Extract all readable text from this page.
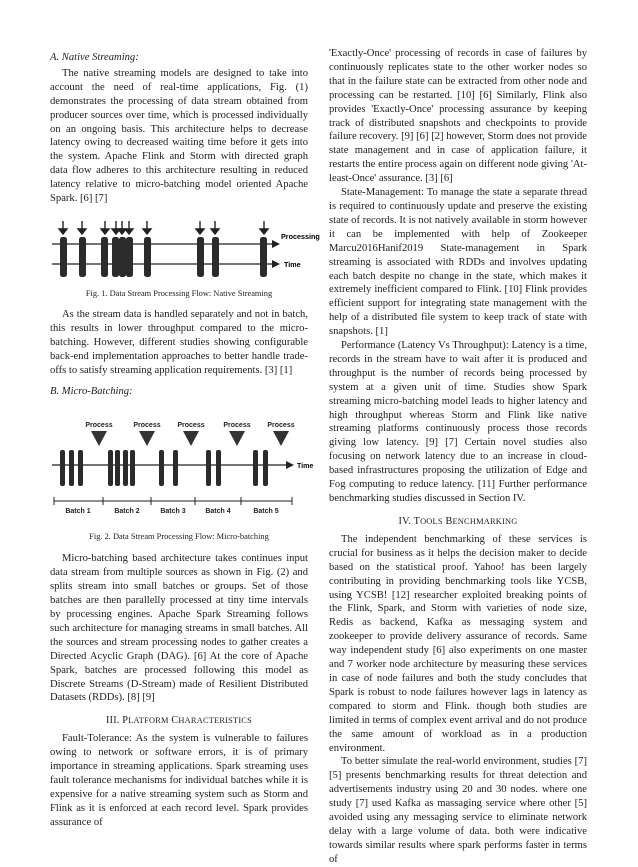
A. Native Streaming:

The native streaming models are designed to take into account the need of real-time applications, Fig. (1) demonstrates the processing of data stream obtained from producer sources over time, which is processed individually on an ongoing basis. This architecture helps to decrease latency owing to decreased waiting time before it gets into the system. Apache Flink and Storm with directed graph data flow adheres to this architecture resulting in reduced latency relative to micro-batching model oriented Apache Spark. [6] [7]

Processing
Time
Fig. 1. Data Stream Processing Flow: Native Streaming

As the stream data is handled separately and not in batch, this results in lower throughput compared to the micro-batching. However, different studies showing configurable back-end implementation approaches to better handle trade-offs to satisfy streaming application requirements. [3] [1]

B. Micro-Batching:
Process	Process Process	Process Process
Time
Batch 1	Batch 2	Batch 3	Batch 4	Batch 5
Fig. 2. Data Stream Processing Flow: Micro-batching

Micro-batching based architecture takes continues input data stream from multiple sources as shown in Fig. (2) and splits stream into small batches or groups. Set of those batches are then parallelly processed at tiny time intervals by processing engines. Apache Spark Streaming follows such architecture for managing streams in small batches. All the sources and stream processing nodes to gather creates a Directed Acyclic Graph (DAG). [6] At the core of Apache Spark, batches are processed following this model as Discrete Streams (D-Stream) made of Resilient Distributed Datasets (RDDs). [8] [9]

III. PLATFORM CHARACTERISTICS

Fault-Tolerance: As the system is vulnerable to failures owing to network or software errors, it is of primary importance in streaming applications. Spark streaming uses fault tolerance mechanisms for individual batches while it is expensive for a native streaming system such as Storm and Flink as it is enforced at each record level. Spark provides assurance of

'Exactly-Once' processing of records in case of failures by continuously replicates state to the other worker nodes so that in the failure state can be extracted from other node and processing can be restarted. [10] [6] Similarly, Flink also provides 'Exactly-Once' processing assurance by keeping track of distributed snapshots and checkpoints to provide failure recovery. [9] [6] [2] however, Storm does not provide state management and in case of application failure, it restarts the entire process again on different node giving 'At-least-Once' assurance. [3] [6]

State-Management: To manage the state a separate thread is required to continuously update and preserve the existing state of records. It is not natively available in storm however it can be implemented with help of Zookeeper Marcu2016Hanif2019 State-management in Spark streaming is associated with RDDs and involves updating each batch despite no change in the state, which makes it extremely inefficient compared to Flink. [10] Flink provides efficient support for integrating state management with the help of a distributed file system to keep track of state with snapshots. [1]

Performance (Latency Vs Throughput): Latency is a time, records in the stream have to wait after it is produced and throughput is the number of records being processed by system at a given unit of time. Studies show Spark streaming micro-batching model leads to higher latency and high throughput whereas Storm and Flink like native streaming platforms continuously process those records giving low latency. [9] [7] Certain novel studies also focusing on network latency due to an increase in cloud-based infrastructures proposing the utilization of Edge and Fog computing to reduce latency. [11] Further performance benchmarking studies discussed in Section IV.

IV. TOOLS BENCHMARKING

The independent benchmarking of these services is crucial for business as it helps the decision maker to decide based on the statistical proof. Yahoo! has been largely contributing in providing benchmarking tools like YCSB, using YCSB! [12] researcher exploited breaking points of the Flink, Spark, and Storm with varieties of node size, Redis as backend, Kafka as messaging system and zookeeper to provide delivery assurance of records. Same way independent study [6] also experiments on one master and 7 worker node architecture by measuring these services in case of node failures and both the study concludes that Spark is robust to node failures however lags in latency as compared to storm and Flink. though both studies are limited in terms of complex event arrival and do not produce the same amount of workload as in a production environment.

To better simulate the real-world environment, studies [7] [5] presents benchmarking results for threat detection and advertisements industry using 20 and 30 nodes. where one study [7] used Kafka as massaging service where other [5] avoided using any messaging service to eliminate network delay with a large volume of data. both were indicative towards similar results where spark performs faster in terms of
